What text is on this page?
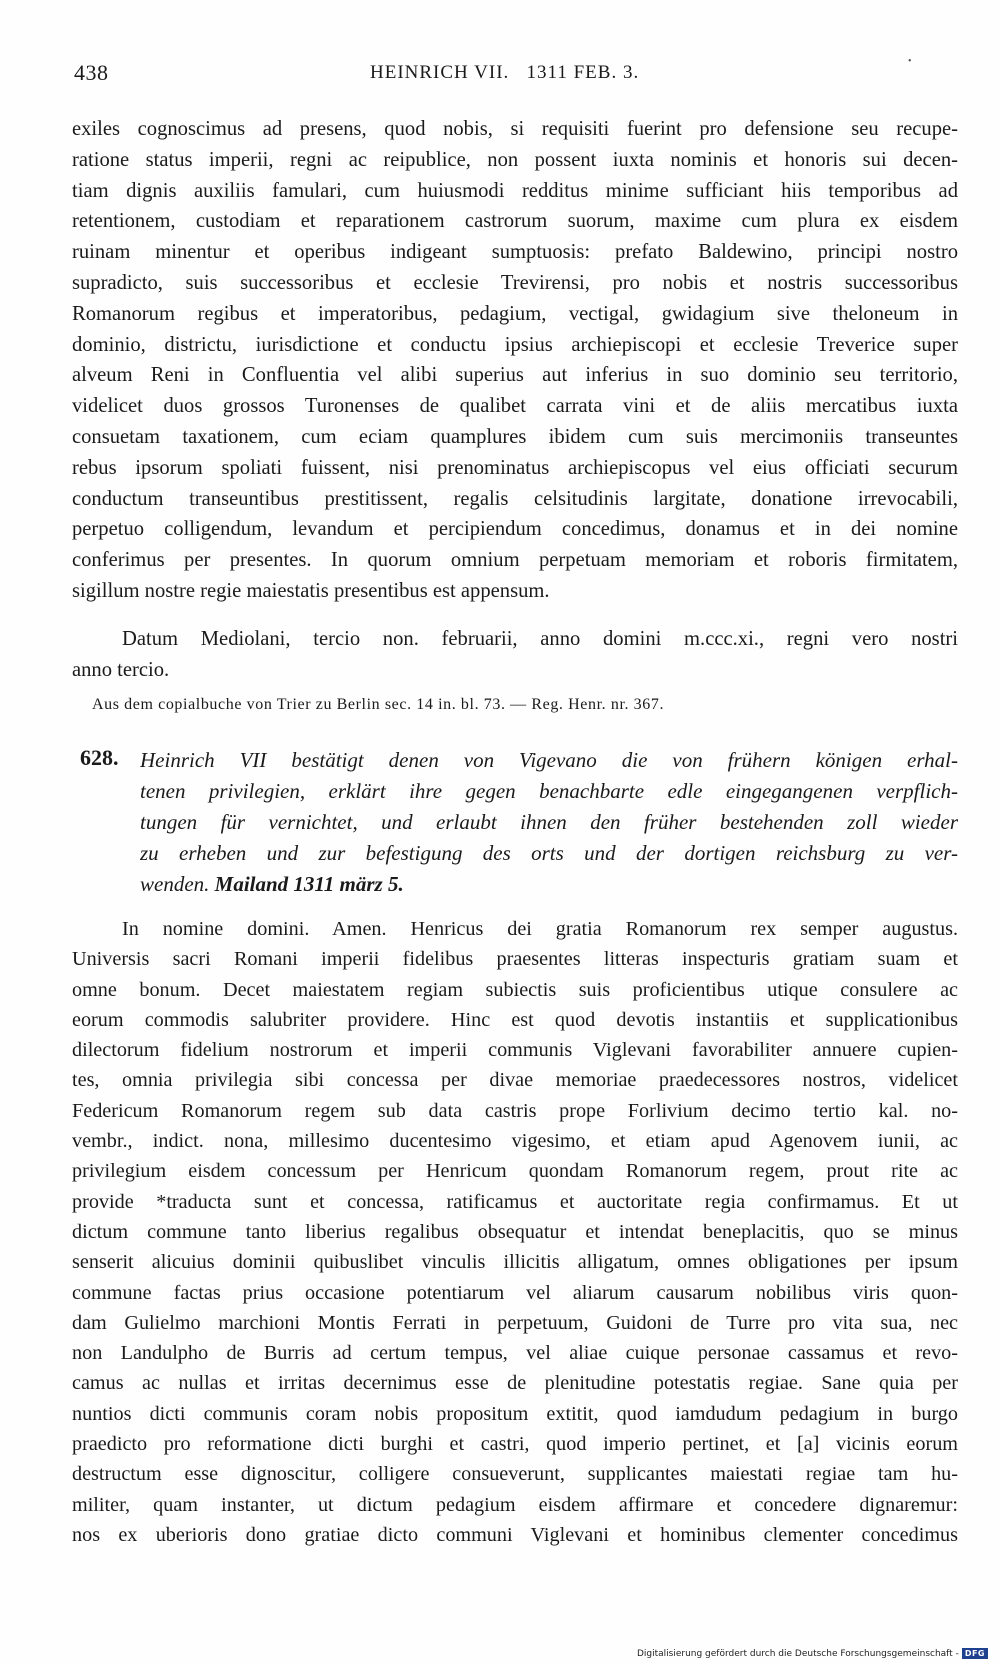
438	HEINRICH VII.   1311 FEB. 3.
•
exiles cognoscimus ad presens, quod nobis, si requisiti fuerint pro defensione seu recupe-
ratione status imperii, regni ac reipublice, non possent iuxta nominis et honoris sui decen-
tiam dignis auxiliis famulari, cum huiusmodi redditus minime sufficiant hiis temporibus ad
retentionem, custodiam et reparationem castrorum suorum, maxime cum plura ex eisdem
ruinam minentur et operibus indigeant sumptuosis: prefato Baldewino, principi nostro
supradicto, suis successoribus et ecclesie Trevirensi, pro nobis et nostris successoribus
Romanorum regibus et imperatoribus, pedagium, vectigal, gwidagium sive theloneum in
dominio, districtu, iurisdictione et conductu ipsius archiepiscopi et ecclesie Treverice super
alveum Reni in Confluentia vel alibi superius aut inferius in suo dominio seu territorio,
videlicet duos grossos Turonenses de qualibet carrata vini et de aliis mercatibus iuxta
consuetam taxationem, cum eciam quamplures ibidem cum suis mercimoniis transeuntes
rebus ipsorum spoliati fuissent, nisi prenominatus archiepiscopus vel eius officiati securum
conductum transeuntibus prestitissent, regalis celsitudinis largitate, donatione irrevocabili,
perpetuo colligendum, levandum et percipiendum concedimus, donamus et in dei nomine
conferimus per presentes. In quorum omnium perpetuam memoriam et roboris firmitatem,
sigillum nostre regie maiestatis presentibus est appensum.
Datum Mediolani, tercio non. februarii, anno domini m.ccc.xi., regni vero nostri
anno tercio.
Aus dem copialbuche von Trier zu Berlin sec. 14 in. bl. 73. — Reg. Henr. nr. 367.
628. Heinrich VII bestätigt denen von Vigevano die von frühern königen erhal-
tenen privilegien, erklärt ihre gegen benachbarte edle eingegangenen verpflich-
tungen für vernichtet, und erlaubt ihnen den früher bestehenden zoll wieder
zu erheben und zur befestigung des orts und der dortigen reichsburg zu ver-
wenden. Mailand 1311 märz 5.
In nomine domini. Amen. Henricus dei gratia Romanorum rex semper augustus.
Universis sacri Romani imperii fidelibus praesentes litteras inspecturis gratiam suam et
omne bonum. Decet maiestatem regiam subiectis suis proficientibus utique consulere ac
eorum commodis salubriter providere. Hinc est quod devotis instantiis et supplicationibus
dilectorum fidelium nostrorum et imperii communis Viglevani favorabiliter annuere cupien-
tes, omnia privilegia sibi concessa per divae memoriae praedecessores nostros, videlicet
Federicum Romanorum regem sub data castris prope Forlivium decimo tertio kal. no-
vembr., indict. nona, millesimo ducentesimo vigesimo, et etiam apud Agenovem iunii, ac
privilegium eisdem concessum per Henricum quondam Romanorum regem, prout rite ac
provide *traducta sunt et concessa, ratificamus et auctoritate regia confirmamus. Et ut
dictum commune tanto liberius regalibus obsequatur et intendat beneplacitis, quo se minus
senserit alicuius dominii quibuslibet vinculis illicitis alligatum, omnes obligationes per ipsum
commune factas prius occasione potentiarum vel aliarum causarum nobilibus viris quon-
dam Gulielmo marchioni Montis Ferrati in perpetuum, Guidoni de Turre pro vita sua, nec
non Landulpho de Burris ad certum tempus, vel aliae cuique personae cassamus et revo-
camus ac nullas et irritas decernimus esse de plenitudine potestatis regiae. Sane quia per
nuntios dicti communis coram nobis propositum extitit, quod iamdudum pedagium in burgo
praedicto pro reformatione dicti burghi et castri, quod imperio pertinet, et [a] vicinis eorum
destructum esse dignoscitur, colligere consueverunt, supplicantes maiestati regiae tam hu-
militer, quam instanter, ut dictum pedagium eisdem affirmare et concedere dignaremur:
nos ex uberioris dono gratiae dicto communi Viglevani et hominibus clementer concedimus
Digitalisierung gefördert durch die Deutsche Forschungsgemeinschaft - DFG
